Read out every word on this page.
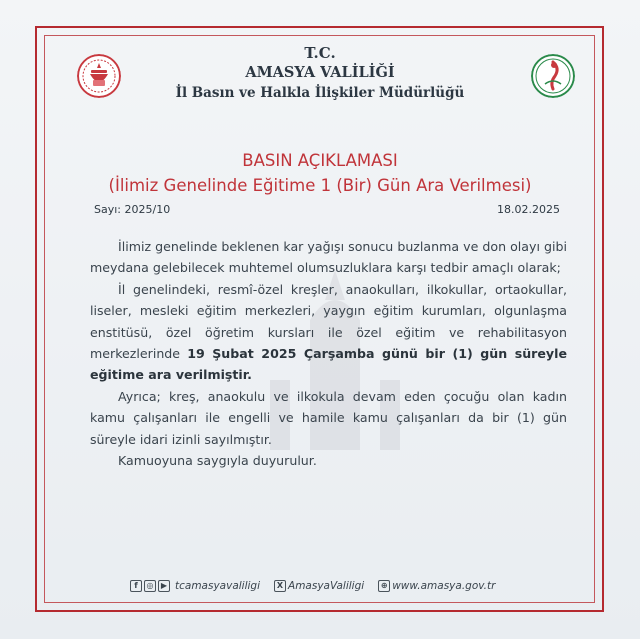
T.C.
AMASYA VALİLİĞİ
İl Basın ve Halkla İlişkiler Müdürlüğü
BASIN AÇIKLAMASI
(İlimiz Genelinde Eğitime 1 (Bir) Gün Ara Verilmesi)
Sayı: 2025/10	18.02.2025

İlimiz genelinde beklenen kar yağışı sonucu buzlanma ve don olayı gibi meydana gelebilecek muhtemel olumsuzluklara karşı tedbir amaçlı olarak;

İl genelindeki, resmî-özel kreşler, anaokulları, ilkokullar, ortaokullar, liseler, mesleki eğitim merkezleri, yaygın eğitim kurumları, olgunlaşma enstitüsü, özel öğretim kursları ile özel eğitim ve rehabilitasyon merkezlerinde 19 Şubat 2025 Çarşamba günü bir (1) gün süreyle eğitime ara verilmiştir.

Ayrıca; kreş, anaokulu ve ilkokula devam eden çocuğu olan kadın kamu çalışanları ile engelli ve hamile kamu çalışanları da bir (1) gün süreyle idari izinli sayılmıştır.

Kamuoyuna saygıyla duyurulur.

f	◎ ▶ tcamasyavaliligi	X AmasyaValiligi	⊕ www.amasya.gov.tr
